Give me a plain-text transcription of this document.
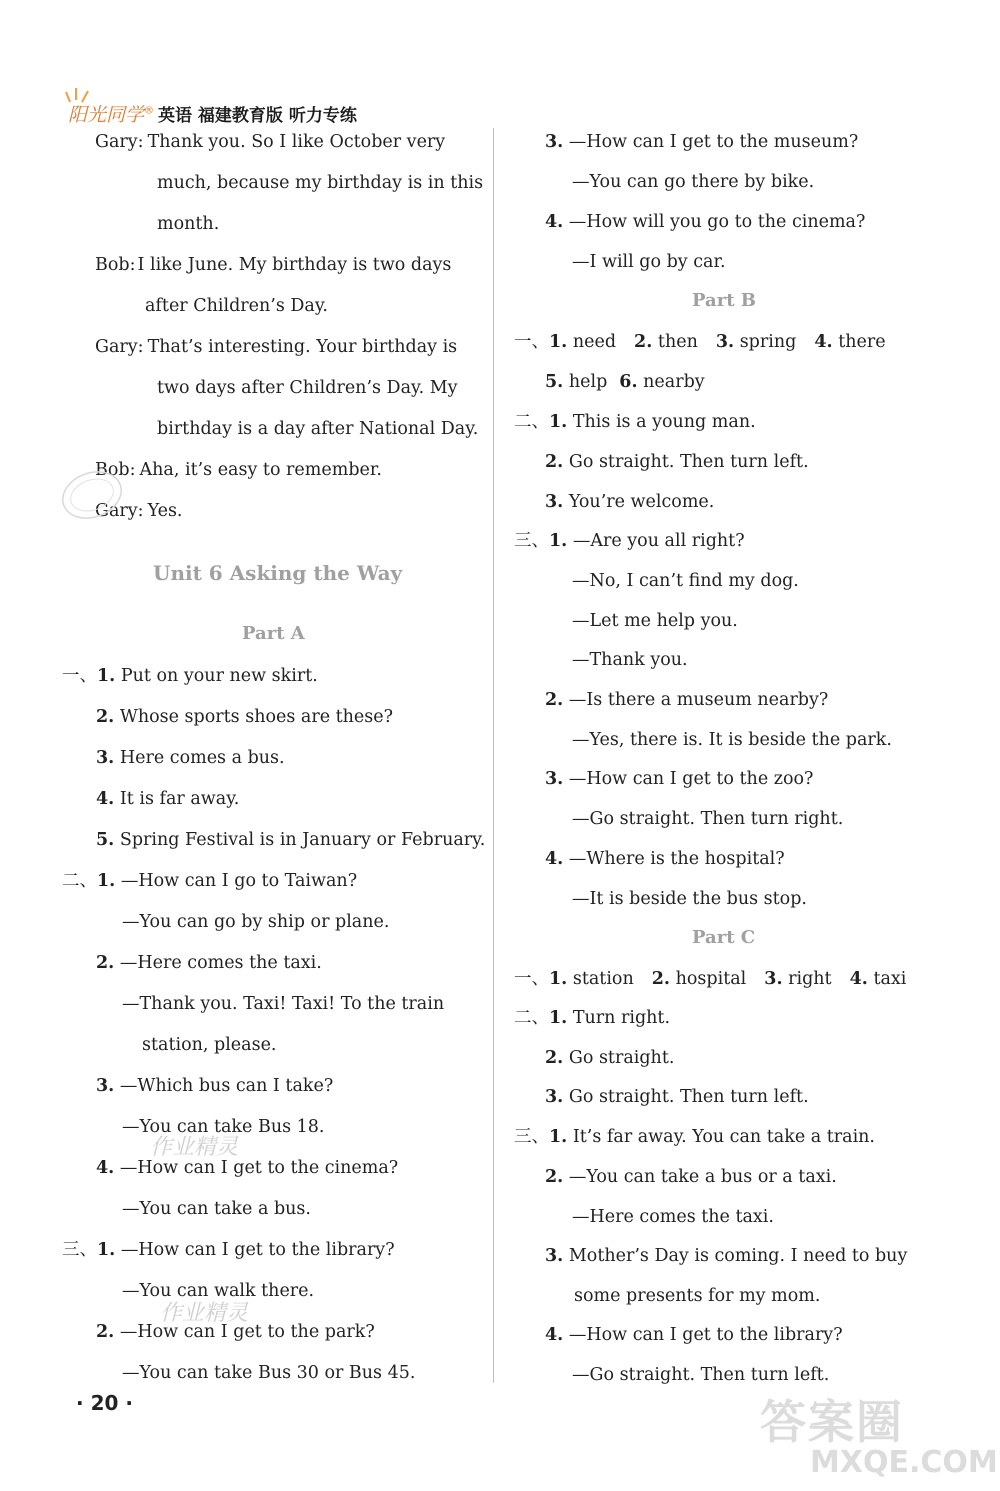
阳光同学® 英语 福建教育版 听力专练
Gary: Thank you. So I like October very
much, because my birthday is in this
month.
Bob: I like June. My birthday is two days
after Children’s Day.
Gary: That’s interesting. Your birthday is
two days after Children’s Day. My
birthday is a day after National Day.
Bob: Aha, it’s easy to remember.
Gary: Yes.
Unit 6 Asking the Way
Part A
一、1. Put on your new skirt.
2. Whose sports shoes are these?
3. Here comes a bus.
4. It is far away.
5. Spring Festival is in January or February.
二、1. —How can I go to Taiwan?
—You can go by ship or plane.
2. —Here comes the taxi.
—Thank you. Taxi! Taxi! To the train
station, please.
3. —Which bus can I take?
—You can take Bus 18.
作业精灵
4. —How can I get to the cinema?
—You can take a bus.
三、1. —How can I get to the library?
—You can walk there.
作业精灵
2. —How can I get to the park?
—You can take Bus 30 or Bus 45.
3. —How can I get to the museum?
—You can go there by bike.
4. —How will you go to the cinema?
—I will go by car.
Part B
一、1. need 2. then 3. spring 4. there
5. help 6. nearby
二、1. This is a young man.
2. Go straight. Then turn left.
3. You’re welcome.
三、1. —Are you all right?
—No, I can’t find my dog.
—Let me help you.
—Thank you.
2. —Is there a museum nearby?
—Yes, there is. It is beside the park.
3. —How can I get to the zoo?
—Go straight. Then turn right.
4. —Where is the hospital?
—It is beside the bus stop.
Part C
一、1. station 2. hospital 3. right 4. taxi
二、1. Turn right.
2. Go straight.
3. Go straight. Then turn left.
三、1. It’s far away. You can take a train.
2. —You can take a bus or a taxi.
—Here comes the taxi.
3. Mother’s Day is coming. I need to buy
some presents for my mom.
4. —How can I get to the library?
—Go straight. Then turn left.
· 20 ·	答案圈
MXQE.COM
